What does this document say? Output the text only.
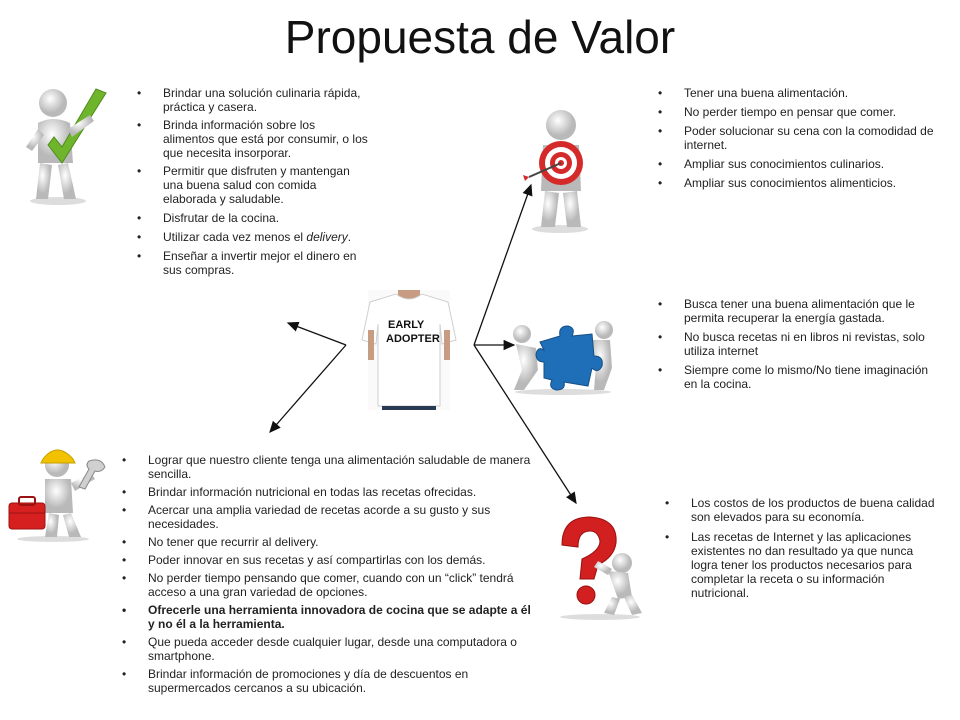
Propuesta de Valor
EARLY
ADOPTER
• Brindar una solución culinaria rápida, práctica y casera.
• Brinda información sobre los alimentos que está por consumir, o los que necesita insorporar.
• Permitir que disfruten y mantengan una buena salud con comida elaborada y saludable.
• Disfrutar de la cocina.
• Utilizar cada vez menos el delivery.
• Enseñar a invertir mejor el dinero en sus compras.
• Tener una buena alimentación.
• No perder tiempo en pensar que comer.
• Poder solucionar su cena con la comodidad de internet.
• Ampliar sus conocimientos culinarios.
• Ampliar sus conocimientos alimenticios.
• Busca tener una buena alimentación que le permita recuperar la energía gastada.
• No busca recetas ni en libros ni revistas, solo utiliza internet
• Siempre come lo mismo/No tiene imaginación en la cocina.
• Lograr que nuestro cliente tenga una alimentación saludable de manera sencilla.
• Brindar información nutricional en todas las recetas ofrecidas.
• Acercar una amplia variedad de recetas acorde a su gusto y sus necesidades.
• No tener que recurrir al delivery.
• Poder innovar en sus recetas y así compartirlas con los demás.
• No perder tiempo pensando que comer, cuando con un “click” tendrá acceso a una gran variedad de opciones.
• Ofrecerle una herramienta innovadora de cocina que se adapte a él y no él a la herramienta.
• Que pueda acceder desde cualquier lugar, desde una computadora o smartphone.
• Brindar información de promociones y día de descuentos en supermercados cercanos a su ubicación.
• Los costos de los productos de buena calidad son elevados para su economía.
• Las recetas de Internet y las aplicaciones existentes no dan resultado ya que nunca logra tener los productos necesarios para completar la receta o su información nutricional.
